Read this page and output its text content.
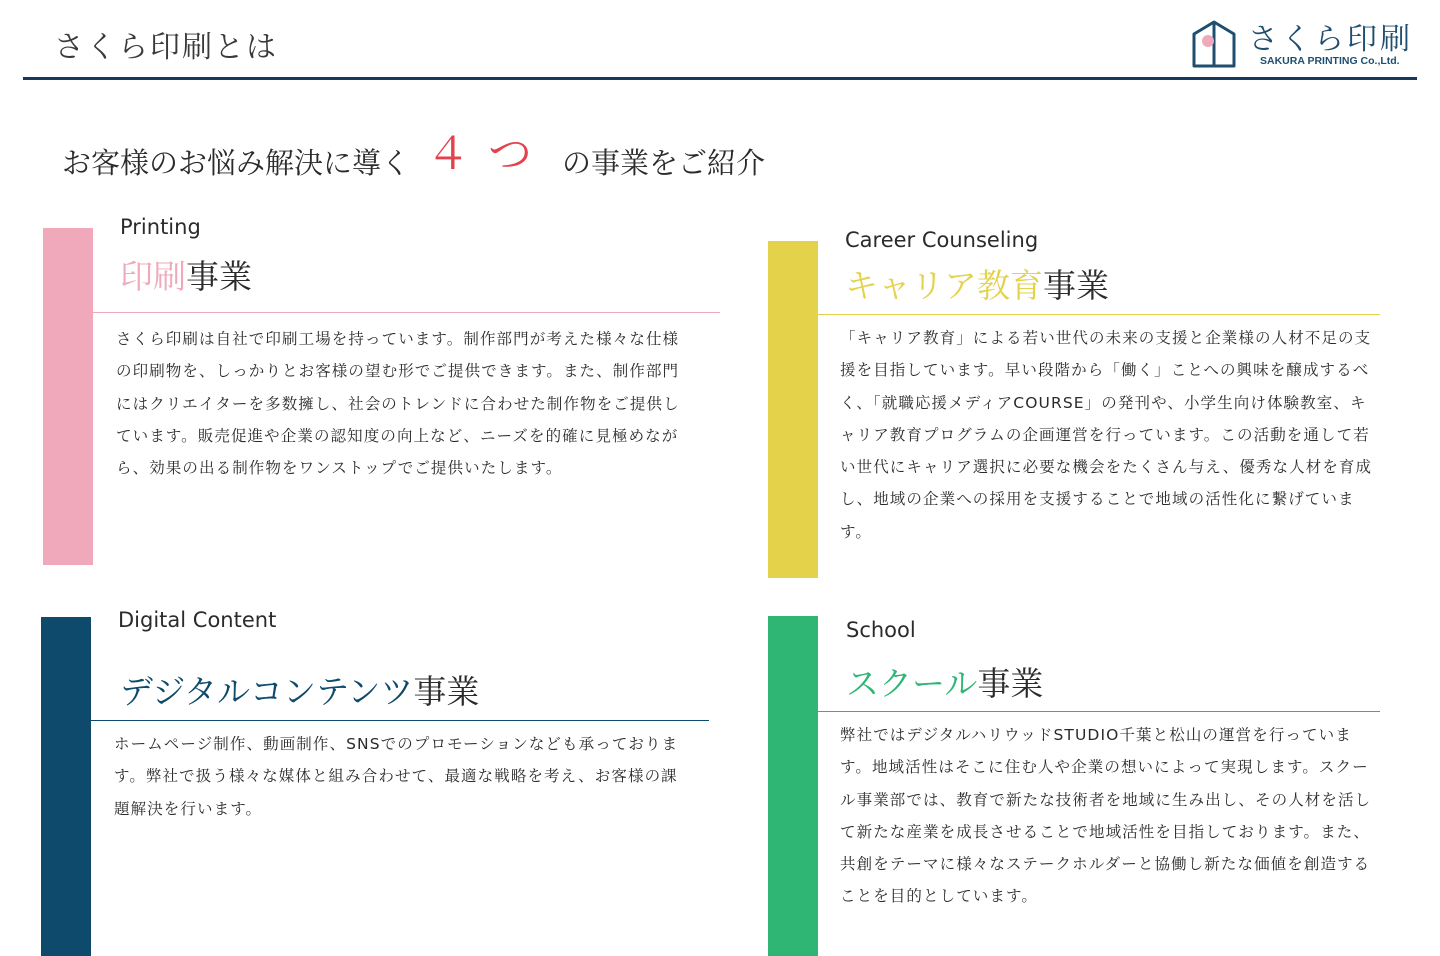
さくら印刷とは	さくら印刷
SAKURA PRINTING Co.,Ltd.
お客様のお悩み解決に導く ４つ の事業をご紹介
Printing
印刷事業
さくら印刷は自社で印刷工場を持っています。制作部門が考えた様々な仕様の印刷物を、しっかりとお客様の望む形でご提供できます。また、制作部門にはクリエイターを多数擁し、社会のトレンドに合わせた制作物をご提供しています。販売促進や企業の認知度の向上など、ニーズを的確に見極めながら、効果の出る制作物をワンストップでご提供いたします。
Career Counseling
キャリア教育事業
「キャリア教育」による若い世代の未来の支援と企業様の人材不足の支援を目指しています。早い段階から「働く」ことへの興味を醸成するべく、「就職応援メディアCOURSE」の発刊や、小学生向け体験教室、キャリア教育プログラムの企画運営を行っています。この活動を通して若い世代にキャリア選択に必要な機会をたくさん与え、優秀な人材を育成し、地域の企業への採用を支援することで地域の活性化に繋げています。
Digital Content
デジタルコンテンツ事業
ホームページ制作、動画制作、SNSでのプロモーションなども承っております。弊社で扱う様々な媒体と組み合わせて、最適な戦略を考え、お客様の課題解決を行います。
School
スクール事業
弊社ではデジタルハリウッドSTUDIO千葉と松山の運営を行っています。地域活性はそこに住む人や企業の想いによって実現します。スクール事業部では、教育で新たな技術者を地域に生み出し、その人材を活して新たな産業を成長させることで地域活性を目指しております。また、共創をテーマに様々なステークホルダーと協働し新たな価値を創造することを目的としています。
